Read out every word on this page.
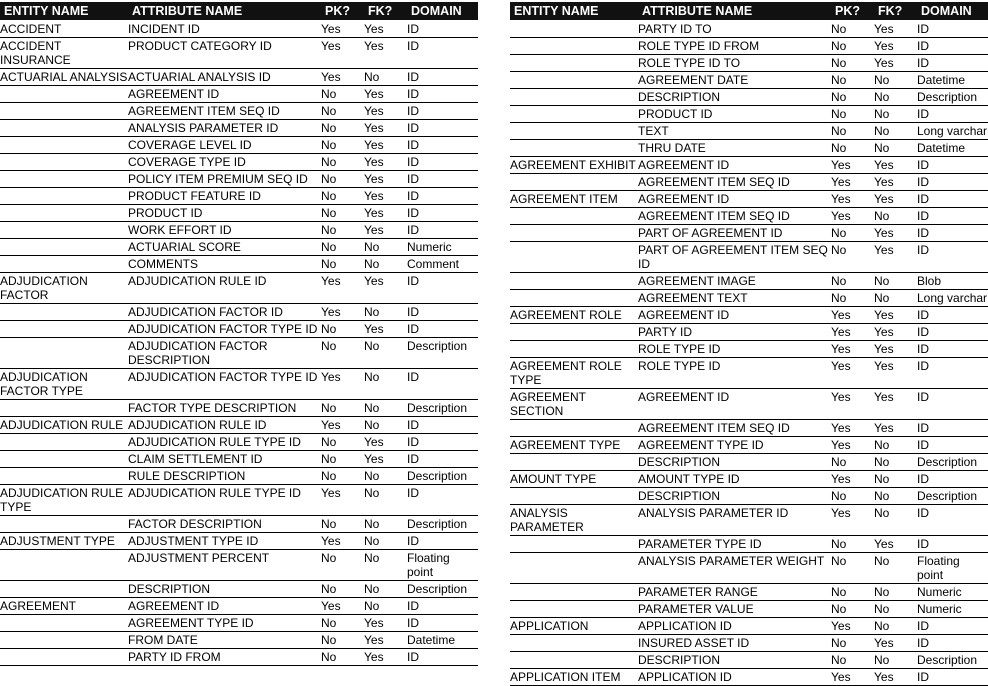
ENTITY NAME	ATTRIBUTE NAME	PK?	FK?	DOMAIN
ACCIDENT	INCIDENT ID	Yes	Yes	ID
ACCIDENT INSURANCE	PRODUCT CATEGORY ID	Yes	Yes	ID
ACTUARIAL ANALYSIS	ACTUARIAL ANALYSIS ID	Yes	No	ID
	AGREEMENT ID	No	Yes	ID
	AGREEMENT ITEM SEQ ID	No	Yes	ID
	ANALYSIS PARAMETER ID	No	Yes	ID
	COVERAGE LEVEL ID	No	Yes	ID
	COVERAGE TYPE ID	No	Yes	ID
	POLICY ITEM PREMIUM SEQ ID	No	Yes	ID
	PRODUCT FEATURE ID	No	Yes	ID
	PRODUCT ID	No	Yes	ID
	WORK EFFORT ID	No	Yes	ID
	ACTUARIAL SCORE	No	No	Numeric
	COMMENTS	No	No	Comment
ADJUDICATION FACTOR	ADJUDICATION RULE ID	Yes	Yes	ID
	ADJUDICATION FACTOR ID	Yes	No	ID
	ADJUDICATION FACTOR TYPE ID	No	Yes	ID
	ADJUDICATION FACTOR DESCRIPTION	No	No	Description
ADJUDICATION FACTOR TYPE	ADJUDICATION FACTOR TYPE ID	Yes	No	ID
	FACTOR TYPE DESCRIPTION	No	No	Description
ADJUDICATION RULE	ADJUDICATION RULE ID	Yes	No	ID
	ADJUDICATION RULE TYPE ID	No	Yes	ID
	CLAIM SETTLEMENT ID	No	Yes	ID
	RULE DESCRIPTION	No	No	Description
ADJUDICATION RULE TYPE	ADJUDICATION RULE TYPE ID	Yes	No	ID
	FACTOR DESCRIPTION	No	No	Description
ADJUSTMENT TYPE	ADJUSTMENT TYPE ID	Yes	No	ID
	ADJUSTMENT PERCENT	No	No	Floating point
	DESCRIPTION	No	No	Description
AGREEMENT	AGREEMENT ID	Yes	No	ID
	AGREEMENT TYPE ID	No	Yes	ID
	FROM DATE	No	Yes	Datetime
	PARTY ID FROM	No	Yes	ID
ENTITY NAME	ATTRIBUTE NAME	PK?	FK?	DOMAIN
	PARTY ID TO	No	Yes	ID
	ROLE TYPE ID FROM	No	Yes	ID
	ROLE TYPE ID TO	No	Yes	ID
	AGREEMENT DATE	No	No	Datetime
	DESCRIPTION	No	No	Description
	PRODUCT ID	No	No	ID
	TEXT	No	No	Long varchar
	THRU DATE	No	No	Datetime
AGREEMENT EXHIBIT	AGREEMENT ID	Yes	Yes	ID
	AGREEMENT ITEM SEQ ID	Yes	Yes	ID
AGREEMENT ITEM	AGREEMENT ID	Yes	Yes	ID
	AGREEMENT ITEM SEQ ID	Yes	No	ID
	PART OF AGREEMENT ID	No	Yes	ID
	PART OF AGREEMENT ITEM SEQ ID	No	Yes	ID
	AGREEMENT IMAGE	No	No	Blob
	AGREEMENT TEXT	No	No	Long varchar
AGREEMENT ROLE	AGREEMENT ID	Yes	Yes	ID
	PARTY ID	Yes	Yes	ID
	ROLE TYPE ID	Yes	Yes	ID
AGREEMENT ROLE TYPE	ROLE TYPE ID	Yes	Yes	ID
AGREEMENT SECTION	AGREEMENT ID	Yes	Yes	ID
	AGREEMENT ITEM SEQ ID	Yes	Yes	ID
AGREEMENT TYPE	AGREEMENT TYPE ID	Yes	No	ID
	DESCRIPTION	No	No	Description
AMOUNT TYPE	AMOUNT TYPE ID	Yes	No	ID
	DESCRIPTION	No	No	Description
ANALYSIS PARAMETER	ANALYSIS PARAMETER ID	Yes	No	ID
	PARAMETER TYPE ID	No	Yes	ID
	ANALYSIS PARAMETER WEIGHT	No	No	Floating point
	PARAMETER RANGE	No	No	Numeric
	PARAMETER VALUE	No	No	Numeric
APPLICATION	APPLICATION ID	Yes	No	ID
	INSURED ASSET ID	No	Yes	ID
	DESCRIPTION	No	No	Description
APPLICATION ITEM	APPLICATION ID	Yes	Yes	ID
